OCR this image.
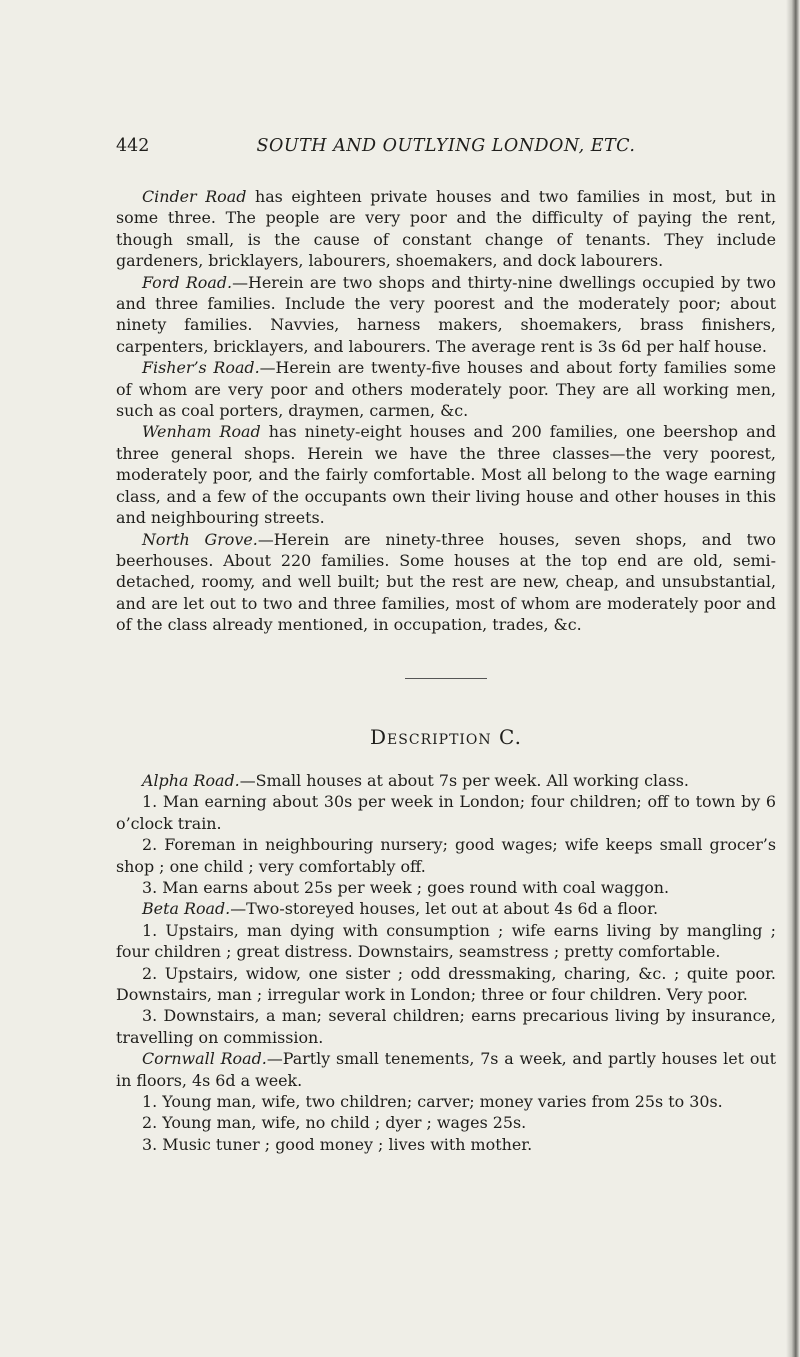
442	SOUTH AND OUTLYING LONDON, ETC.

Cinder Road has eighteen private houses and two families in most, but in some three. The people are very poor and the difficulty of paying the rent, though small, is the cause of constant change of tenants. They include gardeners, bricklayers, labourers, shoemakers, and dock labourers.

Ford Road.—Herein are two shops and thirty-nine dwellings occupied by two and three families. Include the very poorest and the moderately poor; about ninety families. Navvies, harness makers, shoemakers, brass finishers, carpenters, bricklayers, and labourers. The average rent is 3s 6d per half house.

Fisher’s Road.—Herein are twenty-five houses and about forty families some of whom are very poor and others moderately poor. They are all working men, such as coal porters, draymen, carmen, &c.

Wenham Road has ninety-eight houses and 200 families, one beershop and three general shops. Herein we have the three classes—the very poorest, moderately poor, and the fairly comfortable. Most all belong to the wage earning class, and a few of the occupants own their living house and other houses in this and neighbouring streets.

North Grove.—Herein are ninety-three houses, seven shops, and two beerhouses. About 220 families. Some houses at the top end are old, semi-detached, roomy, and well built; but the rest are new, cheap, and unsubstantial, and are let out to two and three families, most of whom are moderately poor and of the class already mentioned, in occupation, trades, &c.

Description C.

Alpha Road.—Small houses at about 7s per week. All working class.

1. Man earning about 30s per week in London; four children; off to town by 6 o’clock train.

2. Foreman in neighbouring nursery; good wages; wife keeps small grocer’s shop ; one child ; very comfortably off.

3. Man earns about 25s per week ; goes round with coal waggon.

Beta Road.—Two-storeyed houses, let out at about 4s 6d a floor.

1. Upstairs, man dying with consumption ; wife earns living by mangling ; four children ; great distress. Downstairs, seamstress ; pretty comfortable.

2. Upstairs, widow, one sister ; odd dressmaking, charing, &c. ; quite poor. Downstairs, man ; irregular work in London; three or four children. Very poor.

3. Downstairs, a man; several children; earns precarious living by insurance, travelling on commission.

Cornwall Road.—Partly small tenements, 7s a week, and partly houses let out in floors, 4s 6d a week.

1. Young man, wife, two children; carver; money varies from 25s to 30s.

2. Young man, wife, no child ; dyer ; wages 25s.

3. Music tuner ; good money ; lives with mother.
